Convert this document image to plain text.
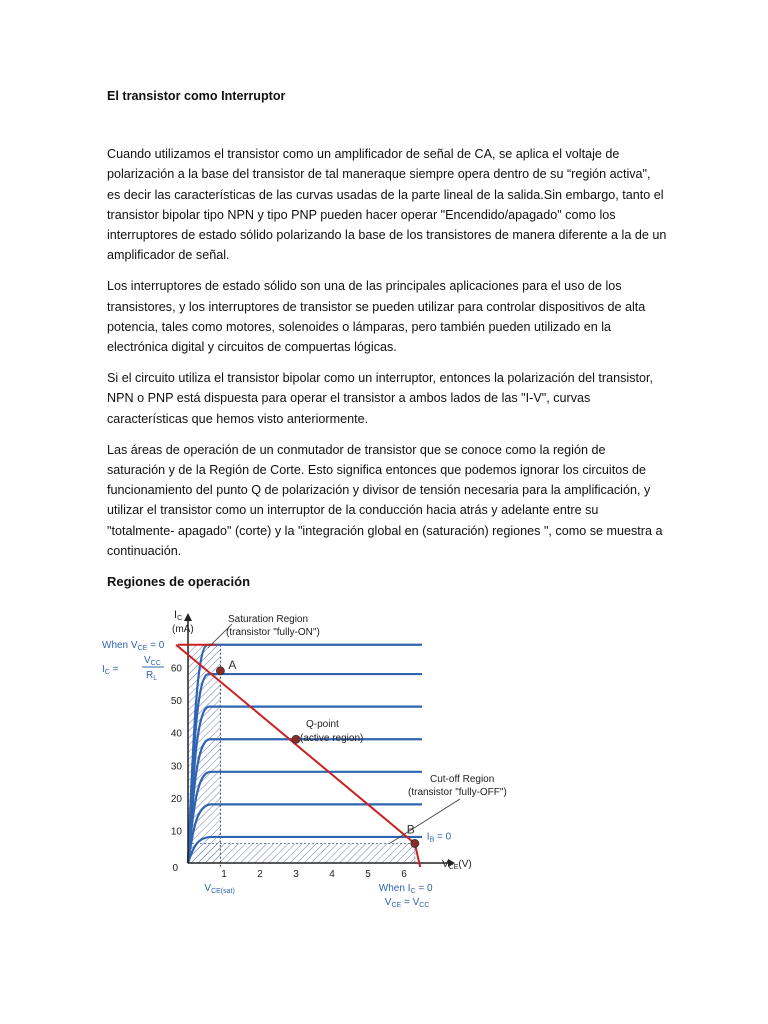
El transistor como Interruptor

Cuando utilizamos el transistor como un amplificador de señal de CA, se aplica el voltaje de polarización a la base del transistor de tal maneraque siempre opera dentro de su “región activa", es decir las características de las curvas usadas de la parte lineal de la salida.Sin embargo, tanto el transistor bipolar tipo NPN y tipo PNP pueden hacer operar "Encendido/apagado" como los interruptores de estado sólido polarizando la base de los transistores de manera diferente a la de un amplificador de señal.

Los interruptores de estado sólido son una de las principales aplicaciones para el uso de los transistores, y los interruptores de transistor se pueden utilizar para controlar dispositivos de alta potencia, tales como motores, solenoides o lámparas, pero también pueden utilizado en la electrónica digital y circuitos de compuertas lógicas.

Si el circuito utiliza el transistor bipolar como un interruptor, entonces la polarización del transistor, NPN o PNP está dispuesta para operar el transistor a ambos lados de las "I-V", curvas características que hemos visto anteriormente.

Las áreas de operación de un conmutador de transistor que se conoce como la región de saturación y de la Región de Corte. Esto significa entonces que podemos ignorar los circuitos de funcionamiento del punto Q de polarización y divisor de tensión necesaria para la amplificación, y utilizar el transistor como un interruptor de la conducción hacia atrás y adelante entre su "totalmente- apagado" (corte) y la "integración global en (saturación) regiones ", como se muestra a continuación.

Regiones de operación
1	2	3	4	5	6
10
20
30
40
50
60
0
IC
(mA)
$V_{CE}(V)$
When $V_{CE} = 0$
$I_C$ =
$V_{CC}$
$R_L$
Saturation Region
(transistor "fully-ON")
Q-point
(active region)
Cut-off Region
(transistor "fully-OFF")
A
B
$I_B = 0$
$V_{CE(sat)}$	When $I_C = 0$
$V_{CE} = V_{CC}$
